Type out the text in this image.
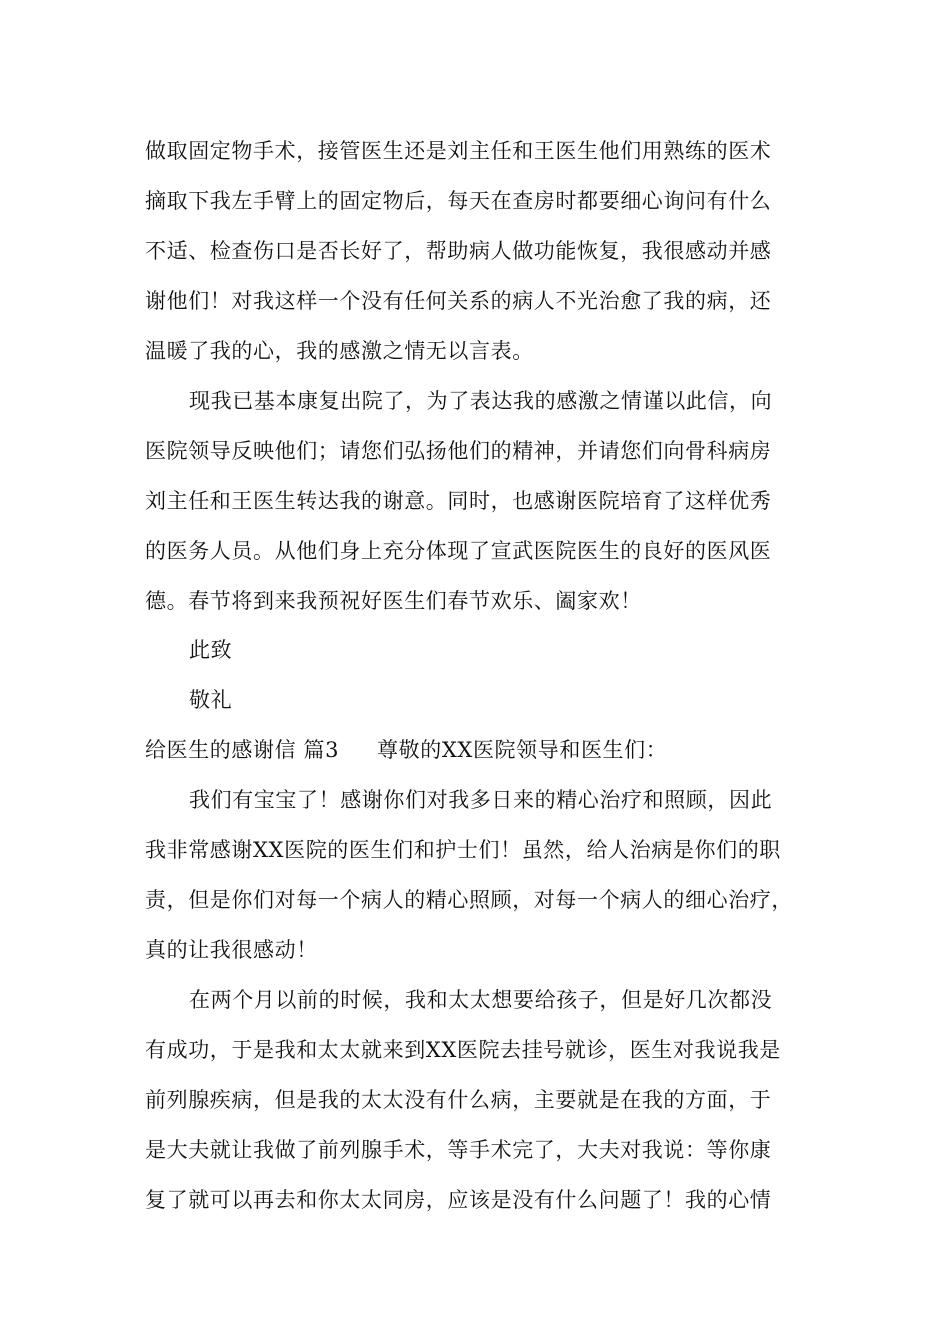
做取固定物手术，接管医生还是刘主任和王医生他们用熟练的医术
摘取下我左手臂上的固定物后，每天在查房时都要细心询问有什么
不适、检查伤口是否长好了，帮助病人做功能恢复，我很感动并感
谢他们！对我这样一个没有任何关系的病人不光治愈了我的病，还
温暖了我的心，我的感激之情无以言表。
现我已基本康复出院了，为了表达我的感激之情谨以此信，向
医院领导反映他们；请您们弘扬他们的精神，并请您们向骨科病房
刘主任和王医生转达我的谢意。同时，也感谢医院培育了这样优秀
的医务人员。从他们身上充分体现了宣武医院医生的良好的医风医
德。春节将到来我预祝好医生们春节欢乐、阖家欢！
此致
敬礼
给医生的感谢信 篇3 尊敬的XX医院领导和医生们：
我们有宝宝了！感谢你们对我多日来的精心治疗和照顾，因此
我非常感谢XX医院的医生们和护士们！虽然，给人治病是你们的职
责，但是你们对每一个病人的精心照顾，对每一个病人的细心治疗，
真的让我很感动！
在两个月以前的时候，我和太太想要给孩子，但是好几次都没
有成功，于是我和太太就来到XX医院去挂号就诊，医生对我说我是
前列腺疾病，但是我的太太没有什么病，主要就是在我的方面，于
是大夫就让我做了前列腺手术，等手术完了，大夫对我说：等你康
复了就可以再去和你太太同房，应该是没有什么问题了！我的心情
